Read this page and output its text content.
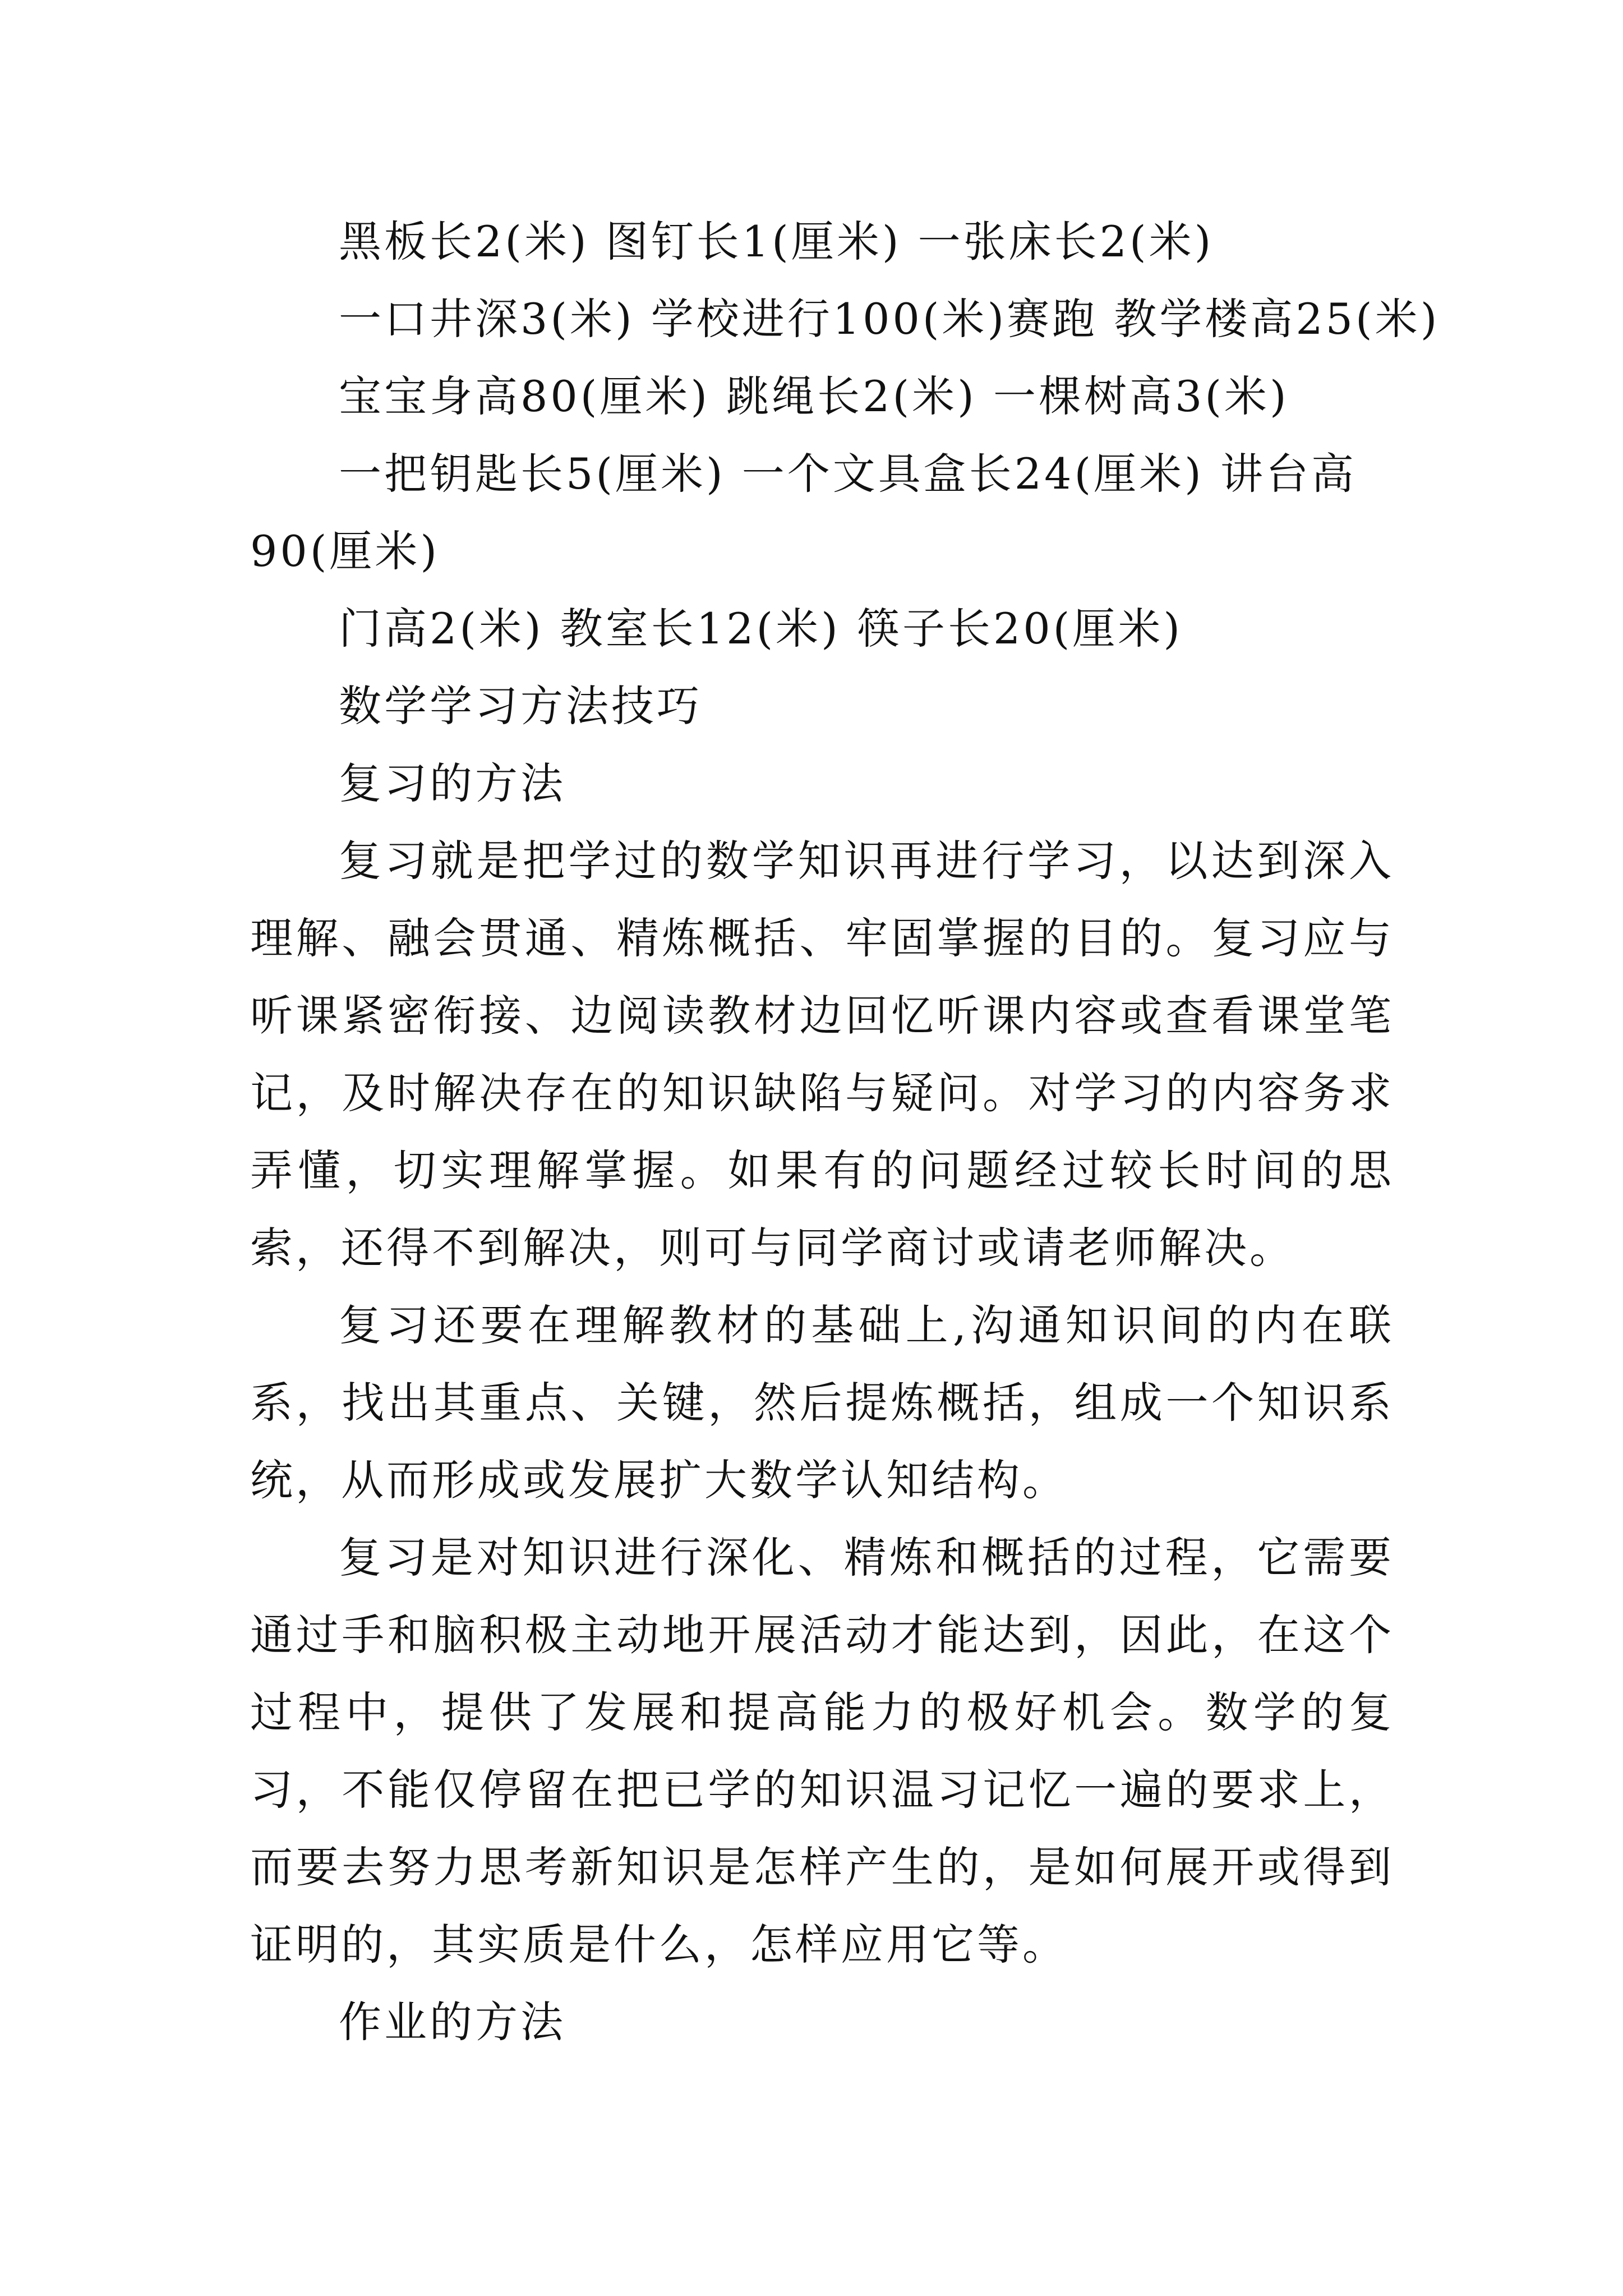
黑板长2(米) 图钉长1(厘米) 一张床长2(米)
一口井深3(米) 学校进行100(米)赛跑 教学楼高25(米)
宝宝身高80(厘米) 跳绳长2(米) 一棵树高3(米)
一把钥匙长5(厘米) 一个文具盒长24(厘米) 讲台高
90(厘米)
门高2(米) 教室长12(米) 筷子长20(厘米)
数学学习方法技巧
复习的方法
复习就是把学过的数学知识再进行学习，以达到深入理解、融会贯通、精炼概括、牢固掌握的目的。复习应与听课紧密衔接、边阅读教材边回忆听课内容或查看课堂笔记，及时解决存在的知识缺陷与疑问。对学习的内容务求弄懂，切实理解掌握。如果有的问题经过较长时间的思索，还得不到解决，则可与同学商讨或请老师解决。
复习还要在理解教材的基础上,沟通知识间的内在联系，找出其重点、关键，然后提炼概括，组成一个知识系统，从而形成或发展扩大数学认知结构。
复习是对知识进行深化、精炼和概括的过程，它需要通过手和脑积极主动地开展活动才能达到，因此，在这个过程中，提供了发展和提高能力的极好机会。数学的复习，不能仅停留在把已学的知识温习记忆一遍的要求上，而要去努力思考新知识是怎样产生的，是如何展开或得到证明的，其实质是什么，怎样应用它等。
作业的方法
